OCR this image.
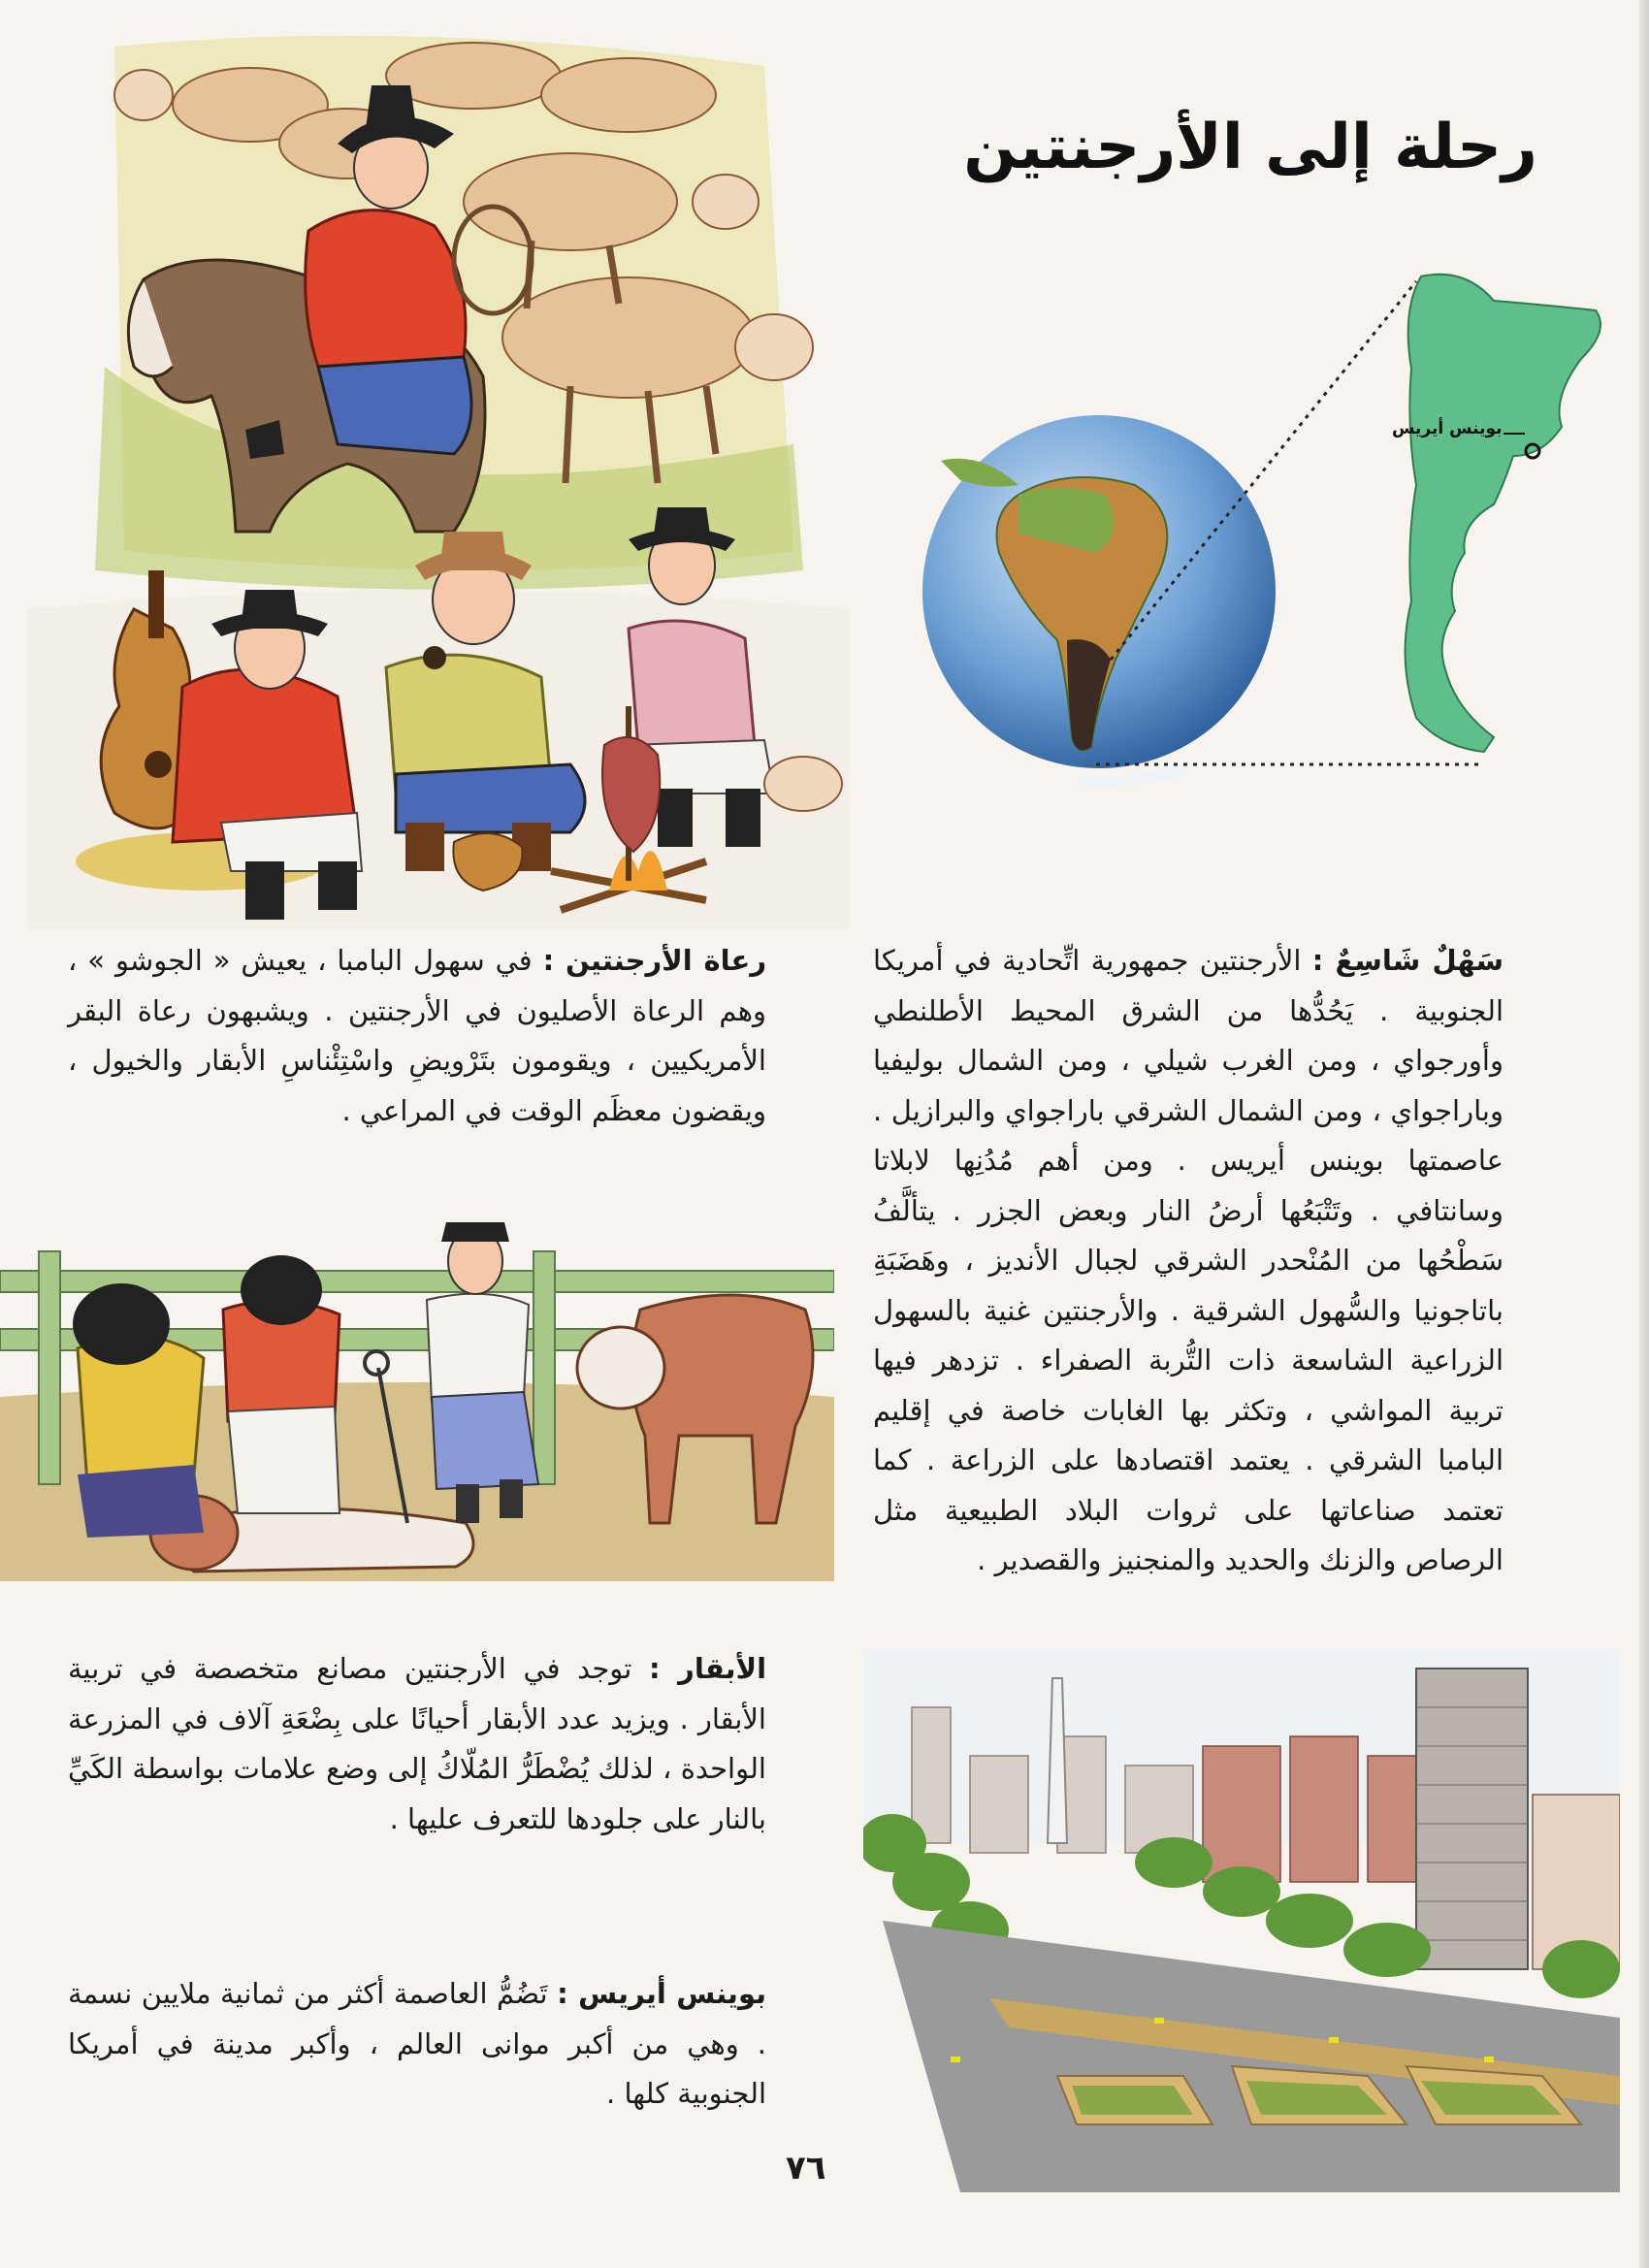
رحلة إلى الأرجنتين
بوينس أيريس
سَهْلٌ شَاسِعٌ : الأرجنتين جمهورية اتِّحادية في أمريكا الجنوبية . يَحُدُّها من الشرق المحيط الأطلنطي وأورجواي ، ومن الغرب شيلي ، ومن الشمال بوليفيا وباراجواي ، ومن الشمال الشرقي باراجواي والبرازيل . عاصمتها بوينس أيريس . ومن أهم مُدُنِها لابلاتا وسانتافي . وتَتْبَعُها أرضُ النار وبعض الجزر . يتألَّفُ سَطْحُها من المُنْحدر الشرقي لجبال الأنديز ، وهَضَبَةِ باتاجونيا والسُّهول الشرقية . والأرجنتين غنية بالسهول الزراعية الشاسعة ذات التُّربة الصفراء . تزدهر فيها تربية المواشي ، وتكثر بها الغابات خاصة في إقليم البامبا الشرقي . يعتمد اقتصادها على الزراعة . كما تعتمد صناعاتها على ثروات البلاد الطبيعية مثل الرصاص والزنك والحديد والمنجنيز والقصدير .
رعاة الأرجنتين : في سهول البامبا ، يعيش « الجوشو » ، وهم الرعاة الأصليون في الأرجنتين . ويشبهون رعاة البقر الأمريكيين ، ويقومون بتَرْويضِ واسْتِئْناسِ الأبقار والخيول ، ويقضون معظَم الوقت في المراعي .
الأبقار : توجد في الأرجنتين مصانع متخصصة في تربية الأبقار . ويزيد عدد الأبقار أحيانًا على بِضْعَةِ آلاف في المزرعة الواحدة ، لذلك يُضْطَرُّ المُلّاكُ إلى وضع علامات بواسطة الكَيِّ بالنار على جلودها للتعرف عليها .
بوينس أيريس : تَضُمُّ العاصمة أكثر من ثمانية ملايين نسمة . وهي من أكبر موانى العالم ، وأكبر مدينة في أمريكا الجنوبية كلها .
٧٦
